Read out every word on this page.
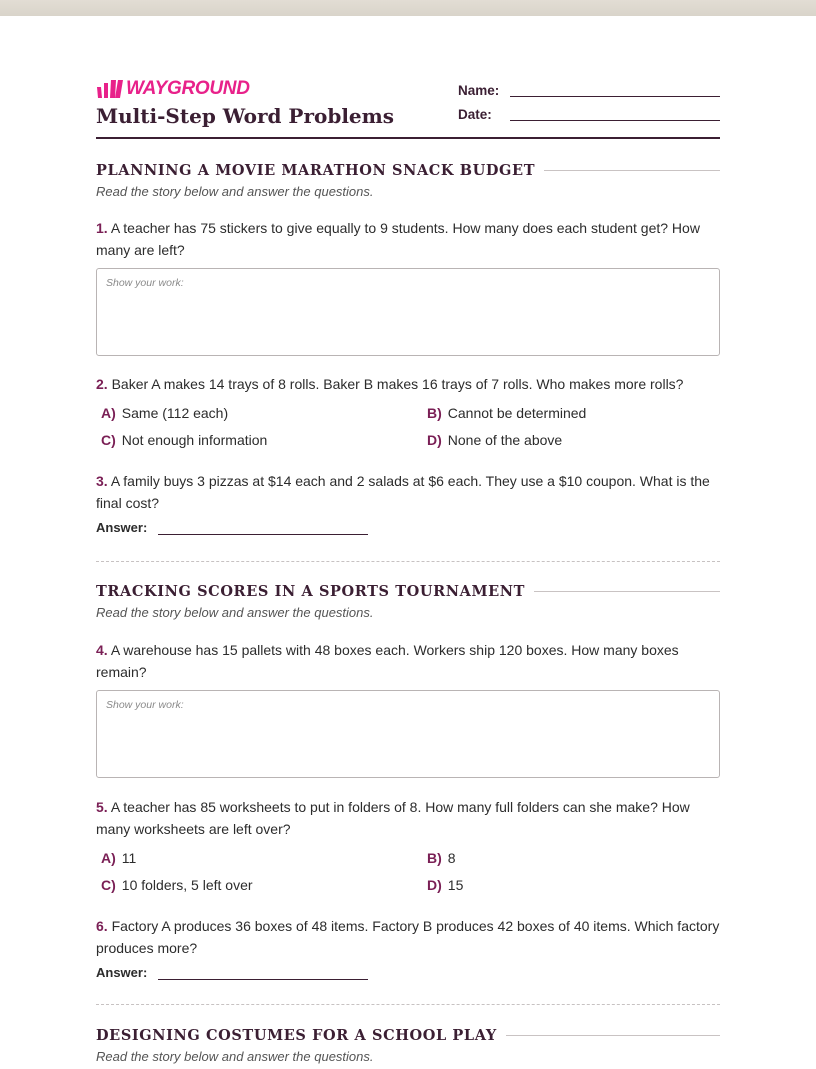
WAYGROUND
Multi-Step Word Problems
Name:
Date:
PLANNING A MOVIE MARATHON SNACK BUDGET
Read the story below and answer the questions.
1. A teacher has 75 stickers to give equally to 9 students. How many does each student get? How many are left?
Show your work:
2. Baker A makes 14 trays of 8 rolls. Baker B makes 16 trays of 7 rolls. Who makes more rolls?
A) Same (112 each)	B) Cannot be determined
C) Not enough information	D) None of the above
3. A family buys 3 pizzas at $14 each and 2 salads at $6 each. They use a $10 coupon. What is the final cost?
Answer:
TRACKING SCORES IN A SPORTS TOURNAMENT
Read the story below and answer the questions.
4. A warehouse has 15 pallets with 48 boxes each. Workers ship 120 boxes. How many boxes remain?
Show your work:
5. A teacher has 85 worksheets to put in folders of 8. How many full folders can she make? How many worksheets are left over?
A) 11	B) 8
C) 10 folders, 5 left over	D) 15
6. Factory A produces 36 boxes of 48 items. Factory B produces 42 boxes of 40 items. Which factory produces more?
Answer:
DESIGNING COSTUMES FOR A SCHOOL PLAY
Read the story below and answer the questions.
